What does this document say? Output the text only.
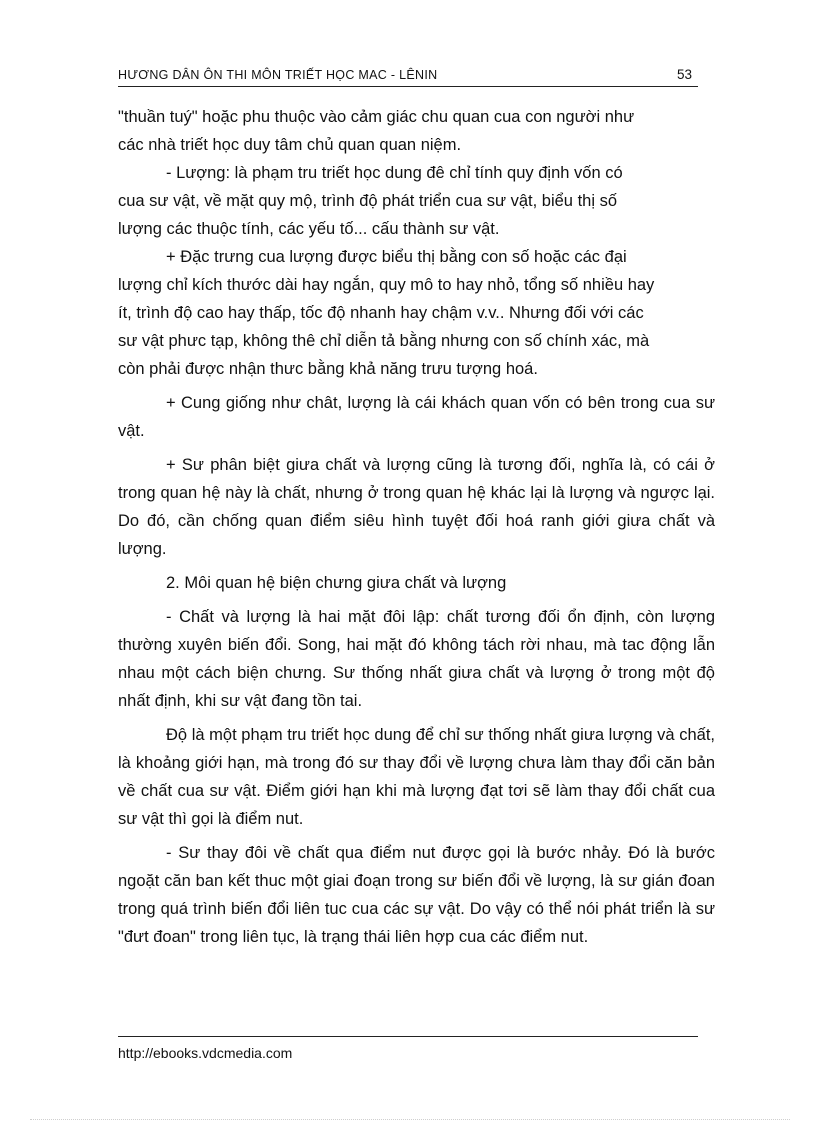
HƯƠNG DÂN ÔN THI MÔN TRIẾT HỌC MAC - LÊNIN	53

"thuần tuý" hoặc phu thuộc vào cảm giác chu quan cua con người như các nhà triết học duy tâm chủ quan quan niệm.

- Lượng: là phạm tru triết học dung đê chỉ tính quy định vốn có cua sư vật, về mặt quy mộ, trình độ phát triển cua sư vật, biểu thị số lượng các thuộc tính, các yếu tố... cấu thành sư vật.

+ Đặc trưng cua lượng được biểu thị bằng con số hoặc các đại lượng chỉ kích thước dài hay ngắn, quy mô to hay nhỏ, tổng số nhiều hay ít, trình độ cao hay thấp, tốc độ nhanh hay chậm v.v.. Nhưng đối với các sư vật phưc tạp, không thê chỉ diễn tả bằng nhưng con số chính xác, mà còn phải được nhận thưc bằng khả năng trưu tượng hoá.

+ Cung giống như chât, lượng là cái khách quan vốn có bên trong cua sư vật.

+ Sư phân biệt giưa chất và lượng cũng là tương đối, nghĩa là, có cái ở trong quan hệ này là chất, nhưng ở trong quan hệ khác lại là lượng và ngược lại. Do đó, cần chống quan điểm siêu hình tuyệt đối hoá ranh giới giưa chất và lượng.

2. Môi quan hệ biện chưng giưa chất và lượng

- Chất và lượng là hai mặt đôi lập: chất tương đối ổn định, còn lượng thường xuyên biến đổi. Song, hai mặt đó không tách rời nhau, mà tac động lẫn nhau một cách biện chưng. Sư thống nhất giưa chất và lượng ở trong một độ nhất định, khi sư vật đang tồn tai.

Độ là một phạm tru triết học dung để chỉ sư thống nhất giưa lượng và chất, là khoảng giới hạn, mà trong đó sư thay đổi về lượng chưa làm thay đổi căn bản về chất cua sư vật. Điểm giới hạn khi mà lượng đạt tơi sẽ làm thay đổi chất cua sư vật thì gọi là điểm nut.

- Sư thay đôi về chất qua điểm nut được gọi là bước nhảy. Đó là bước ngoặt căn ban kết thuc một giai đoạn trong sư biến đổi về lượng, là sư gián đoan trong quá trình biến đổi liên tuc cua các sự vật. Do vậy có thể nói phát triển là sư "đưt đoan" trong liên tục, là trạng thái liên hợp cua các điểm nut.

http://ebooks.vdcmedia.com
